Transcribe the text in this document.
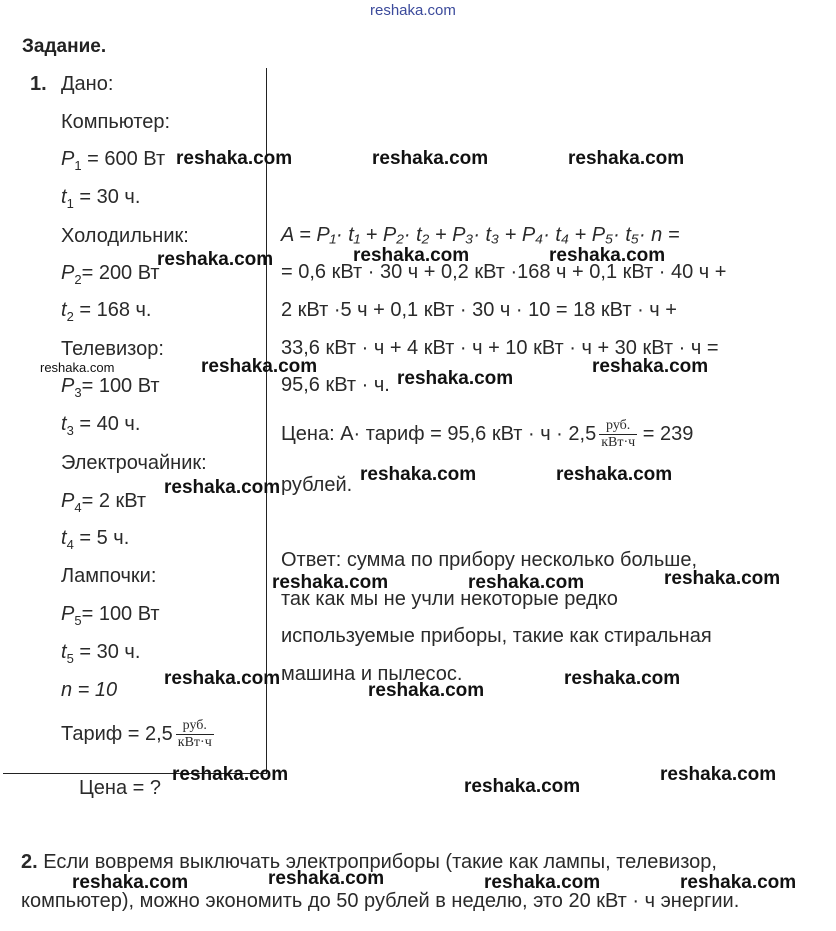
reshaka.com
Задание.
1. Дано:
Компьютер:
$P_1 = 600$ Вт
$t_1 = 30$ ч.
Холодильник:
$P_2= 200$ Вт
$t_2 = 168$ ч.
Телевизор:
$P_3= 100$ Вт
$t_3 = 40$ ч.
Электрочайник:
$P_4= 2$ кВт
$t_4 = 5$ ч.
Лампочки:
$P_5= 100$ Вт
$t_5 = 30$ ч.
n = 10
Тариф = $2,5 \frac{\text{руб.}}{\text{кВт·ч}}$
Цена = ?
A = P₁· t₁ + P₂· t₂ + P₃· t₃ + P₄· t₄ + P₅· t₅· n =
= 0,6 кВт · 30 ч + 0,2 кВт ·168 ч + 0,1 кВт · 40 ч +
2 кВт ·5 ч + 0,1 кВт · 30 ч · 10 = 18 кВт · ч +
33,6 кВт · ч + 4 кВт · ч + 10 кВт · ч + 30 кВт · ч =
95,6 кВт · ч.
Цена: A· тариф = 95,6 кВт · $ч \cdot 2,5 \frac{\text{руб.}}{\text{кВт·ч}} = 239$
рублей.
Ответ: сумма по прибору несколько больше,
так как мы не учли некоторые редко
используемые приборы, такие как стиральная
машина и пылесос.
2. Если вовремя выключать электроприборы (такие как лампы, телевизор,
компьютер), можно экономить до 50 рублей в неделю, это 20 кВт · ч энергии.
reshaka.com	reshaka.com	reshaka.com
reshaka.com	reshaka.com	reshaka.com
reshaka.com	reshaka.com
reshaka.com
reshaka.com
reshaka.com
reshaka.com	reshaka.com
reshaka.com	reshaka.com	reshaka.com
reshaka.com
reshaka.com
reshaka.com
reshaka.com
reshaka.com
reshaka.com
reshaka.com	reshaka.com	reshaka.com	reshaka.com
